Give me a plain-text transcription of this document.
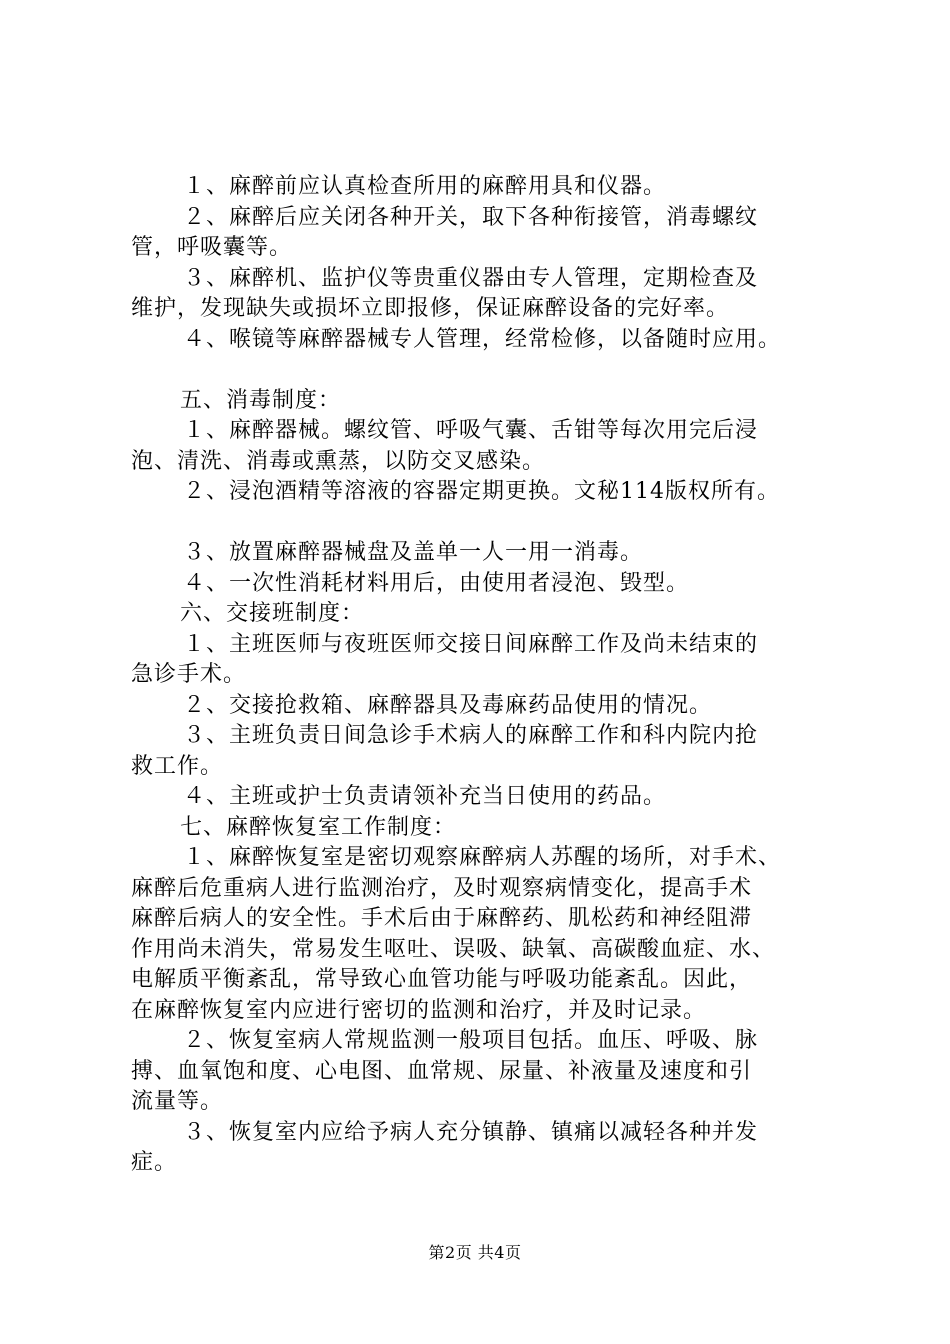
１、麻醉前应认真检查所用的麻醉用具和仪器。
２、麻醉后应关闭各种开关，取下各种衔接管，消毒螺纹
管，呼吸囊等。
３、麻醉机、监护仪等贵重仪器由专人管理，定期检查及
维护，发现缺失或损坏立即报修，保证麻醉设备的完好率。
４、喉镜等麻醉器械专人管理，经常检修，以备随时应用。
五、消毒制度：
１、麻醉器械。螺纹管、呼吸气囊、舌钳等每次用完后浸
泡、清洗、消毒或熏蒸，以防交叉感染。
２、浸泡酒精等溶液的容器定期更换。文秘114版权所有。
３、放置麻醉器械盘及盖单一人一用一消毒。
４、一次性消耗材料用后，由使用者浸泡、毁型。
六、交接班制度：
１、主班医师与夜班医师交接日间麻醉工作及尚未结束的
急诊手术。
２、交接抢救箱、麻醉器具及毒麻药品使用的情况。
３、主班负责日间急诊手术病人的麻醉工作和科内院内抢
救工作。
４、主班或护士负责请领补充当日使用的药品。
七、麻醉恢复室工作制度：
１、麻醉恢复室是密切观察麻醉病人苏醒的场所，对手术、
麻醉后危重病人进行监测治疗，及时观察病情变化，提高手术
麻醉后病人的安全性。手术后由于麻醉药、肌松药和神经阻滞
作用尚未消失，常易发生呕吐、误吸、缺氧、高碳酸血症、水、
电解质平衡紊乱，常导致心血管功能与呼吸功能紊乱。因此，
在麻醉恢复室内应进行密切的监测和治疗，并及时记录。
２、恢复室病人常规监测一般项目包括。血压、呼吸、脉
搏、血氧饱和度、心电图、血常规、尿量、补液量及速度和引
流量等。
３、恢复室内应给予病人充分镇静、镇痛以减轻各种并发
症。
第2页 共4页
